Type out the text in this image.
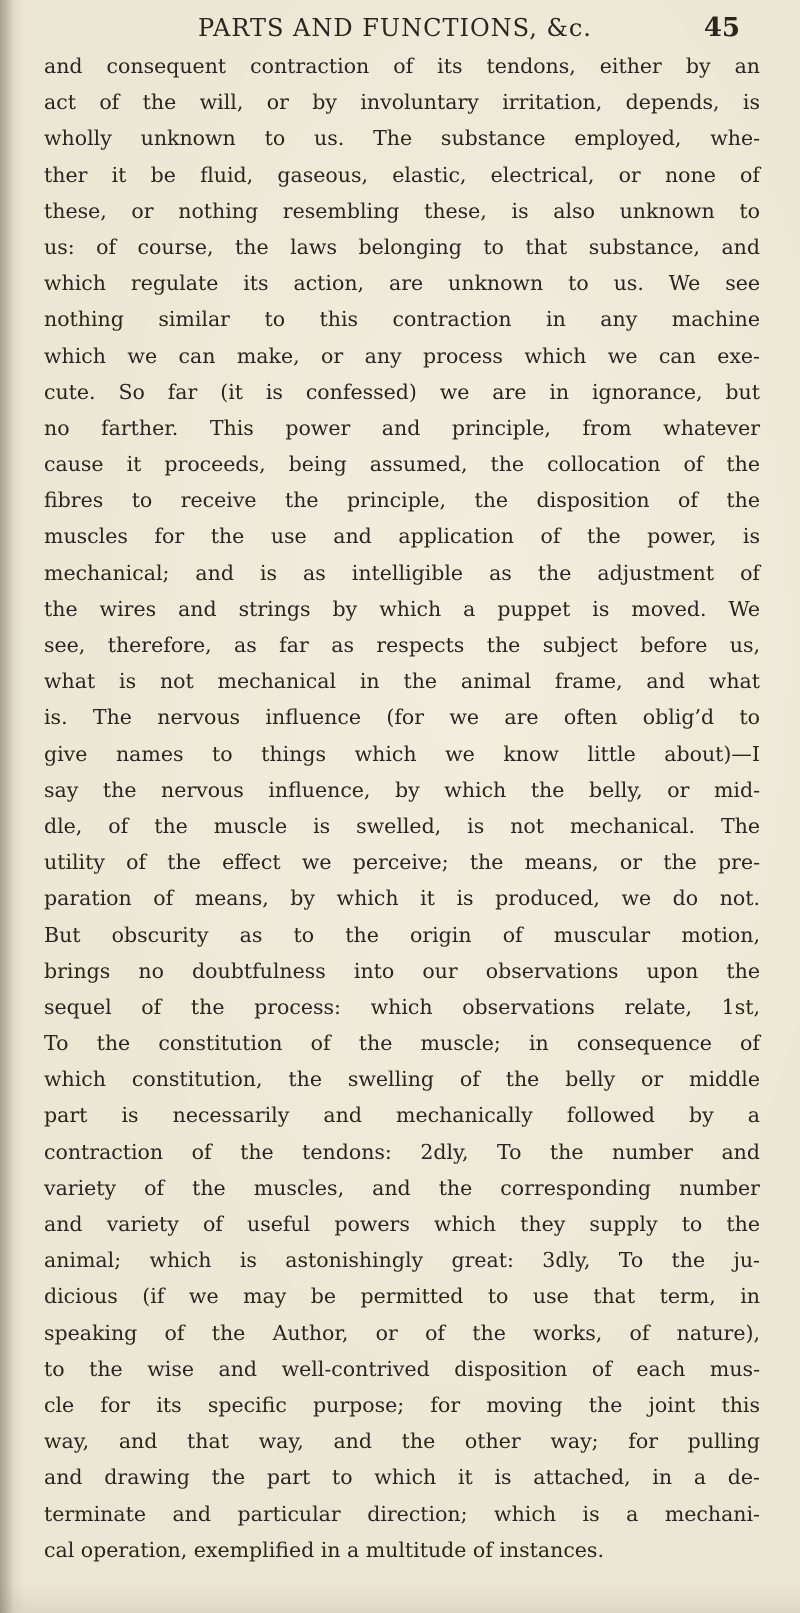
PARTS AND FUNCTIONS, &c.	45
and consequent contraction of its tendons, either by an
act of the will, or by involuntary irritation, depends, is
wholly unknown to us. The substance employed, whe-
ther it be fluid, gaseous, elastic, electrical, or none of
these, or nothing resembling these, is also unknown to
us: of course, the laws belonging to that substance, and
which regulate its action, are unknown to us. We see
nothing similar to this contraction in any machine
which we can make, or any process which we can exe-
cute. So far (it is confessed) we are in ignorance, but
no farther. This power and principle, from whatever
cause it proceeds, being assumed, the collocation of the
fibres to receive the principle, the disposition of the
muscles for the use and application of the power, is
mechanical; and is as intelligible as the adjustment of
the wires and strings by which a puppet is moved. We
see, therefore, as far as respects the subject before us,
what is not mechanical in the animal frame, and what
is. The nervous influence (for we are often oblig’d to
give names to things which we know little about)—I
say the nervous influence, by which the belly, or mid-
dle, of the muscle is swelled, is not mechanical. The
utility of the effect we perceive; the means, or the pre-
paration of means, by which it is produced, we do not.
But obscurity as to the origin of muscular motion,
brings no doubtfulness into our observations upon the
sequel of the process: which observations relate, 1st,
To the constitution of the muscle; in consequence of
which constitution, the swelling of the belly or middle
part is necessarily and mechanically followed by a
contraction of the tendons: 2dly, To the number and
variety of the muscles, and the corresponding number
and variety of useful powers which they supply to the
animal; which is astonishingly great: 3dly, To the ju-
dicious (if we may be permitted to use that term, in
speaking of the Author, or of the works, of nature),
to the wise and well-contrived disposition of each mus-
cle for its specific purpose; for moving the joint this
way, and that way, and the other way; for pulling
and drawing the part to which it is attached, in a de-
terminate and particular direction; which is a mechani-
cal operation, exemplified in a multitude of instances.
